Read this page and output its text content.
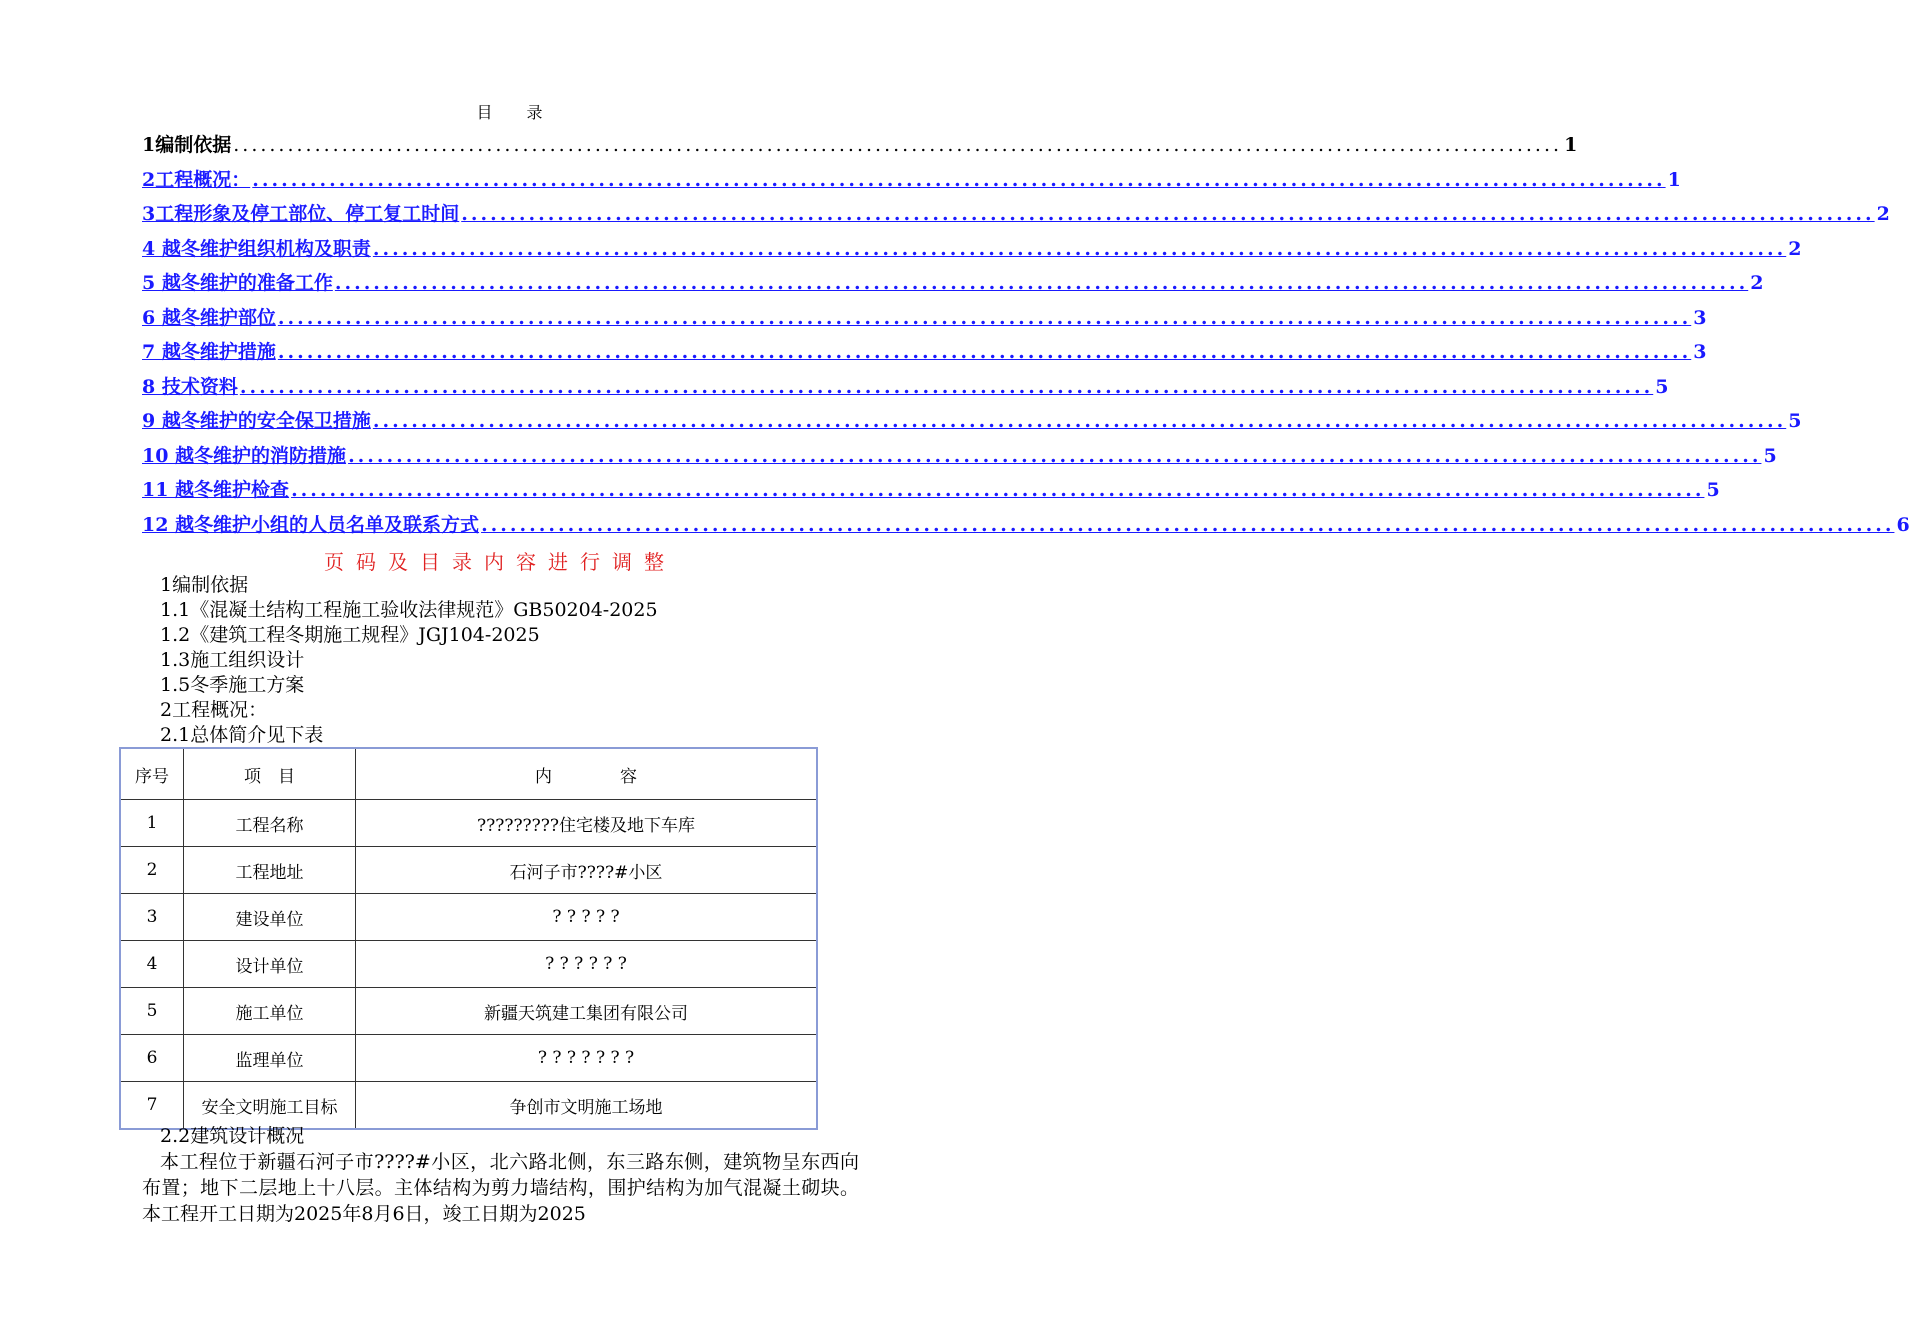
目 录
1编制依据 ................................................................................................................................................... 1
2工程概况： ................................................................................................................................................... 1
3工程形象及停工部位、停工复工时间 ................................................................................................................................................... 2
4 越冬维护组织机构及职责 ................................................................................................................................................... 2
5 越冬维护的准备工作 ................................................................................................................................................... 2
6 越冬维护部位 ................................................................................................................................................... 3
7 越冬维护措施 ................................................................................................................................................... 3
8 技术资料 ................................................................................................................................................... 5
9 越冬维护的安全保卫措施 ................................................................................................................................................... 5
10 越冬维护的消防措施 ................................................................................................................................................... 5
11 越冬维护检查 ................................................................................................................................................... 5
12 越冬维护小组的人员名单及联系方式 ................................................................................................................................................... 6
页码及目录内容进行调整
1编制依据
1.1《混凝土结构工程施工验收法律规范》GB50204-2025
1.2《建筑工程冬期施工规程》JGJ104-2025
1.3施工组织设计
1.5冬季施工方案
2工程概况：
2.1总体简介见下表
序号	项　目	内　　　　容
1	工程名称	?????????住宅楼及地下车库
2	工程地址	石河子市????#小区
3	建设单位	? ? ? ? ?
4	设计单位	? ? ? ? ? ?
5	施工单位	新疆天筑建工集团有限公司
6	监理单位	? ? ? ? ? ? ?
7	安全文明施工目标	争创市文明施工场地
2.2建筑设计概况
本工程位于新疆石河子市????#小区，北六路北侧，东三路东侧，建筑物呈东西向布置；地下二层地上十八层。主体结构为剪力墙结构，围护结构为加气混凝土砌块。本工程开工日期为2025年8月6日，竣工日期为2025
